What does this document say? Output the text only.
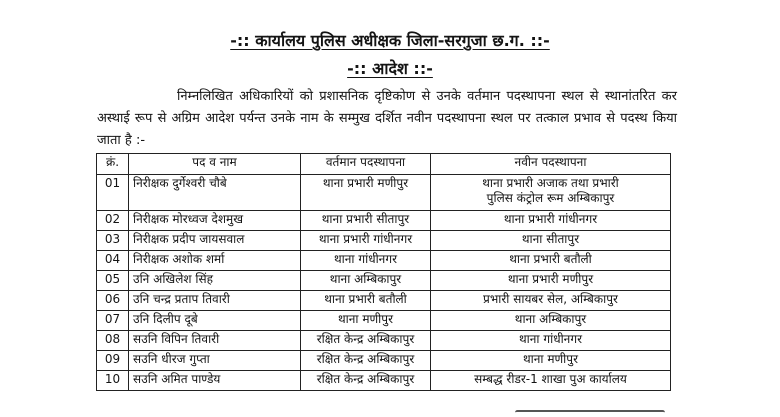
-:: कार्यालय पुलिस अधीक्षक जिला-सरगुजा छ.ग. ::-
-:: आदेश ::-

निम्नलिखित अधिकारियों को प्रशासनिक दृष्टिकोण से उनके वर्तमान पदस्थापना स्थल से स्थानांतरित कर अस्थाई रूप से अग्रिम आदेश पर्यन्त उनके नाम के सम्मुख दर्शित नवीन पदस्थापना स्थल पर तत्काल प्रभाव से पदस्थ किया जाता है :-

क्रं.	पद व नाम	वर्तमान पदस्थापना	नवीन पदस्थापना
01	निरीक्षक दुर्गेश्वरी चौबे	थाना प्रभारी मणीपुर	थाना प्रभारी अजाक तथा प्रभारी
पुलिस कंट्रोल रूम अम्बिकापुर

02	निरीक्षक मोरध्वज देशमुख	थाना प्रभारी सीतापुर	थाना प्रभारी गांधीनगर
03	निरीक्षक प्रदीप जायसवाल	थाना प्रभारी गांधीनगर	थाना सीतापुर
04	निरीक्षक अशोक शर्मा	थाना गांधीनगर	थाना प्रभारी बतौली
05	उनि अखिलेश सिंह	थाना अम्बिकापुर	थाना प्रभारी मणीपुर
06	उनि चन्द्र प्रताप तिवारी	थाना प्रभारी बतौली	प्रभारी सायबर सेल, अम्बिकापुर
07	उनि दिलीप दूबे	थाना मणीपुर	थाना अम्बिकापुर
08	सउनि विपिन तिवारी	रक्षित केन्द्र अम्बिकापुर	थाना गांधीनगर
09	सउनि धीरज गुप्ता	रक्षित केन्द्र अम्बिकापुर	थाना मणीपुर
10	सउनि अमित पाण्डेय	रक्षित केन्द्र अम्बिकापुर	सम्बद्ध रीडर-1 शाखा पुअ कार्यालय
